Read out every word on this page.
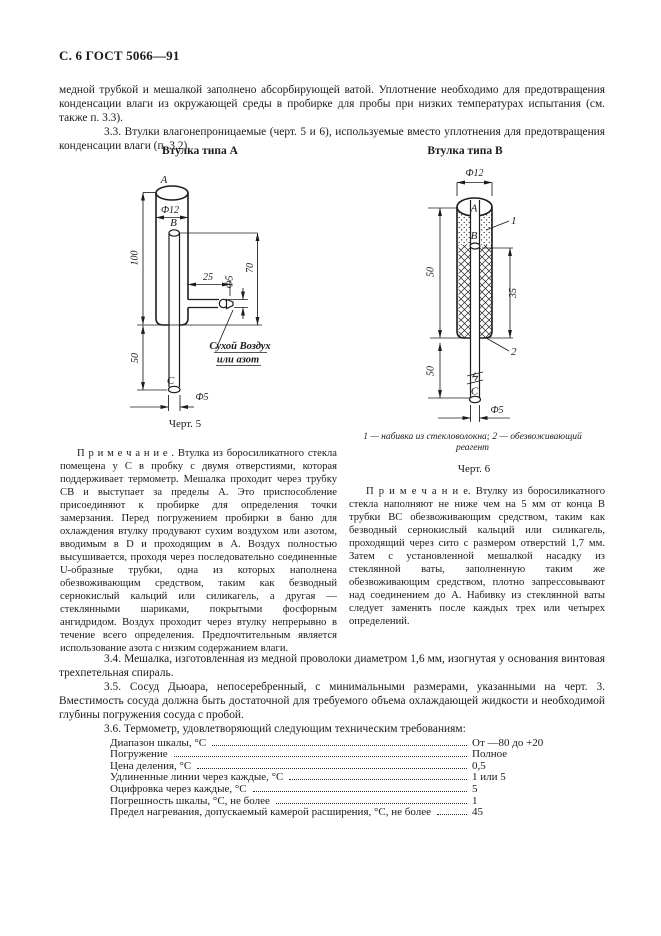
С. 6 ГОСТ 5066—91

медной трубкой и мешалкой заполнено абсорбирующей ватой. Уплотнение необходимо для предотвращения конденсации влаги из окружающей среды в пробирке для пробы при низких температурах испытания (см. также п. 3.3).

3.3. Втулки влагонепроницаемые (черт. 5 и 6), используемые вместо уплотнения для предотвращения конденсации влаги (п. 3.2).

Втулка типа А	Втулка типа В
100
50
Ф12
70
25 Ф5
Сухой Воздух
или азот
Ф5
A
B
C
Черт. 5
Ф12
50
35
50
1
2
Ф5
A
B
C
1 — набивка из стекловолокна; 2 — обезвоживающий реагент
Черт. 6

П р и м е ч а н и е . Втулка из боросиликатного стекла помещена у С в пробку с двумя отверстиями, которая поддерживает термометр. Мешалка проходит через трубку СВ и выступает за пределы А. Это приспособление присоединяют к пробирке для определения точки замерзания. Перед погружением пробирки в баню для охлаждения втулку продувают сухим воздухом или азотом, вводимым в D и проходящим в А. Воздух полностью высушивается, проходя через последовательно соединенные U-образные трубки, одна из которых наполнена обезвоживающим средством, таким как безводный сернокислый кальций или силикагель, а другая — стеклянными шариками, покрытыми фосфорным ангидридом. Воздух проходит через втулку непрерывно в течение всего определения. Предпочтительным является использование азота с низким содержанием влаги.

П р и м е ч а н и е. Втулку из боросиликатного стекла наполняют не ниже чем на 5 мм от конца В трубки ВС обезвоживающим средством, таким как безводный сернокислый кальций или силикагель, проходящий через сито с размером отверстий 1,7 мм. Затем с установленной мешалкой насадку из стеклянной ваты, заполненную таким же обезвоживающим средством, плотно запрессовывают над соединением до А. Набивку из стеклянной ваты следует заменять после каждых трех или четырех определений.

3.4. Мешалка, изготовленная из медной проволоки диаметром 1,6 мм, изогнутая у основания винтовая трехпетельная спираль.

3.5. Сосуд Дьюара, непосеребренный, с минимальными размерами, указанными на черт. 3. Вместимость сосуда должна быть достаточной для требуемого объема охлаждающей жидкости и необходимой глубины погружения сосуда с пробой.

3.6. Термометр, удовлетворяющий следующим техническим требованиям:

Диапазон шкалы, °С	От —80 до +20
Погружение	Полное
Цена деления, °С	0,5
Удлиненные линии через каждые, °С	1 или 5
Оцифровка через каждые, °С	5
Погрешность шкалы, °С, не более	1
Предел нагревания, допускаемый камерой расширения, °С, не более	45
